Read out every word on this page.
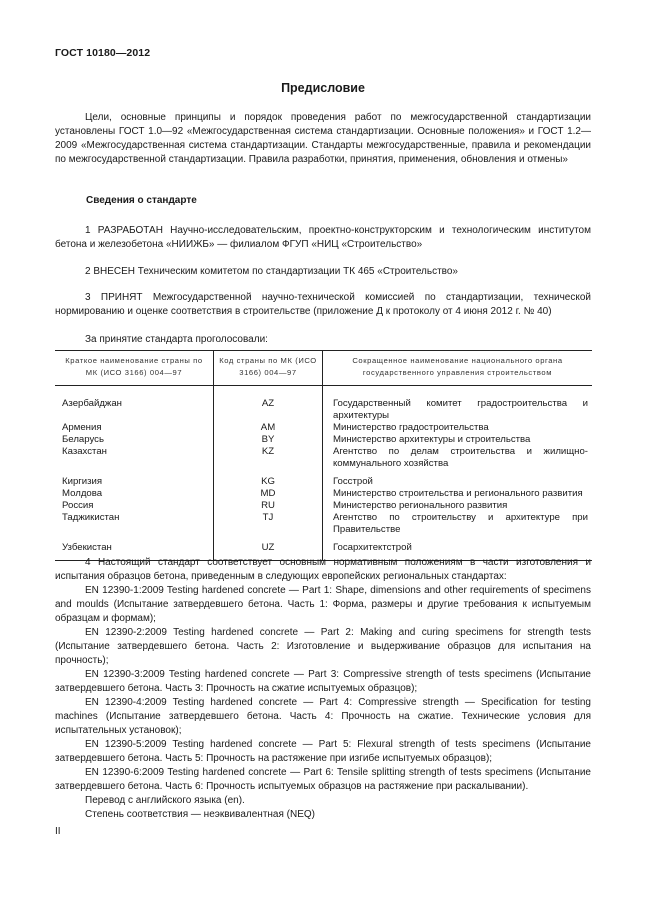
ГОСТ 10180—2012
Предисловие

Цели, основные принципы и порядок проведения работ по межгосударственной стандартизации установлены ГОСТ 1.0—92 «Межгосударственная система стандартизации. Основные положения» и ГОСТ 1.2—2009 «Межгосударственная система стандартизации. Стандарты межгосударственные, правила и рекомендации по межгосударственной стандартизации. Правила разработки, принятия, применения, обновления и отмены»

Сведения о стандарте

1 РАЗРАБОТАН Научно-исследовательским, проектно-конструкторским и технологическим институтом бетона и железобетона «НИИЖБ» — филиалом ФГУП «НИЦ «Строительство»

2 ВНЕСЕН Техническим комитетом по стандартизации ТК 465 «Строительство»

3 ПРИНЯТ Межгосударственной научно-технической комиссией по стандартизации, технической нормированию и оценке соответствия в строительстве (приложение Д к протоколу от 4 июня 2012 г. № 40)

За принятие стандарта проголосовали:

Краткое наименование страны по МК (ИСО 3166) 004—97	Код страны по МК (ИСО 3166) 004—97	Сокращенное наименование национального органа государственного управления строительством
Азербайджан	AZ	Государственный комитет градостроительства и архитектуры
Армения	AM	Министерство градостроительства
Беларусь	BY	Министерство архитектуры и строительства
Казахстан	KZ	Агентство по делам строительства и жилищно-коммунального хозяйства
Киргизия	KG	Госстрой
Молдова	MD	Министерство строительства и регионального развития
Россия	RU	Министерство регионального развития
Таджикистан	TJ	Агентство по строительству и архитектуре при Правительстве
Узбекистан	UZ	Госархитектстрой

4 Настоящий стандарт соответствует основным нормативным положениям в части изготовления и испытания образцов бетона, приведенным в следующих европейских региональных стандартах:

EN 12390-1:2009 Testing hardened concrete — Part 1: Shape, dimensions and other requirements of specimens and moulds (Испытание затвердевшего бетона. Часть 1: Форма, размеры и другие требования к испытуемым образцам и формам);

EN 12390-2:2009 Testing hardened concrete — Part 2: Making and curing specimens for strength tests (Испытание затвердевшего бетона. Часть 2: Изготовление и выдерживание образцов для испытания на прочность);

EN 12390-3:2009 Testing hardened concrete — Part 3: Compressive strength of tests specimens (Испытание затвердевшего бетона. Часть 3: Прочность на сжатие испытуемых образцов);

EN 12390-4:2009 Testing hardened concrete — Part 4: Compressive strength — Specification for testing machines (Испытание затвердевшего бетона. Часть 4: Прочность на сжатие. Технические условия для испытательных установок);

EN 12390-5:2009 Testing hardened concrete — Part 5: Flexural strength of tests specimens (Испытание затвердевшего бетона. Часть 5: Прочность на растяжение при изгибе испытуемых образцов);

EN 12390-6:2009 Testing hardened concrete — Part 6: Tensile splitting strength of tests specimens (Испытание затвердевшего бетона. Часть 6: Прочность испытуемых образцов на растяжение при раскалывании).

Перевод с английского языка (en).

Степень соответствия — неэквивалентная (NEQ)

II
